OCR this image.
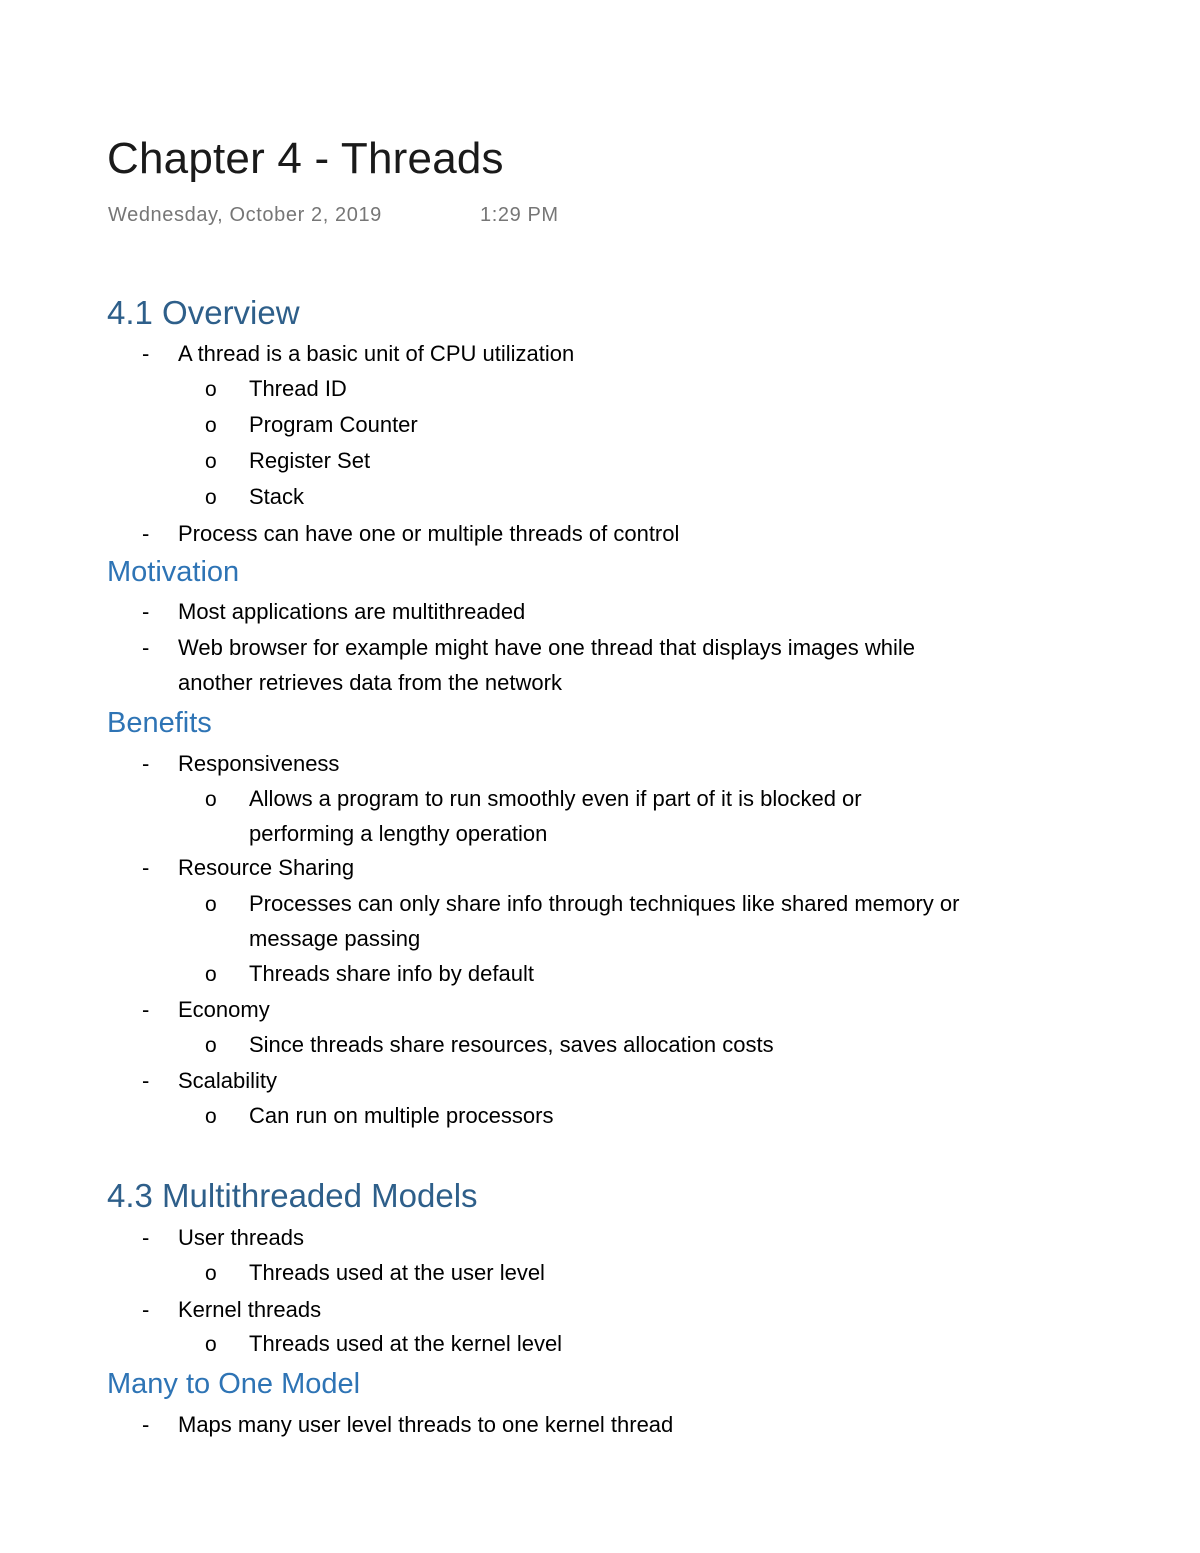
Chapter 4 - Threads
Wednesday, October 2, 2019	1:29 PM
4.1 Overview
- A thread is a basic unit of CPU utilization
o Thread ID
o Program Counter
o Register Set
o Stack
- Process can have one or multiple threads of control
Motivation
- Most applications are multithreaded
- Web browser for example might have one thread that displays images while
another retrieves data from the network
Benefits
- Responsiveness
o Allows a program to run smoothly even if part of it is blocked or
performing a lengthy operation
- Resource Sharing
o Processes can only share info through techniques like shared memory or
message passing
o Threads share info by default
- Economy
o Since threads share resources, saves allocation costs
- Scalability
o Can run on multiple processors
4.3 Multithreaded Models
- User threads
o Threads used at the user level
- Kernel threads
o Threads used at the kernel level
Many to One Model
- Maps many user level threads to one kernel thread
